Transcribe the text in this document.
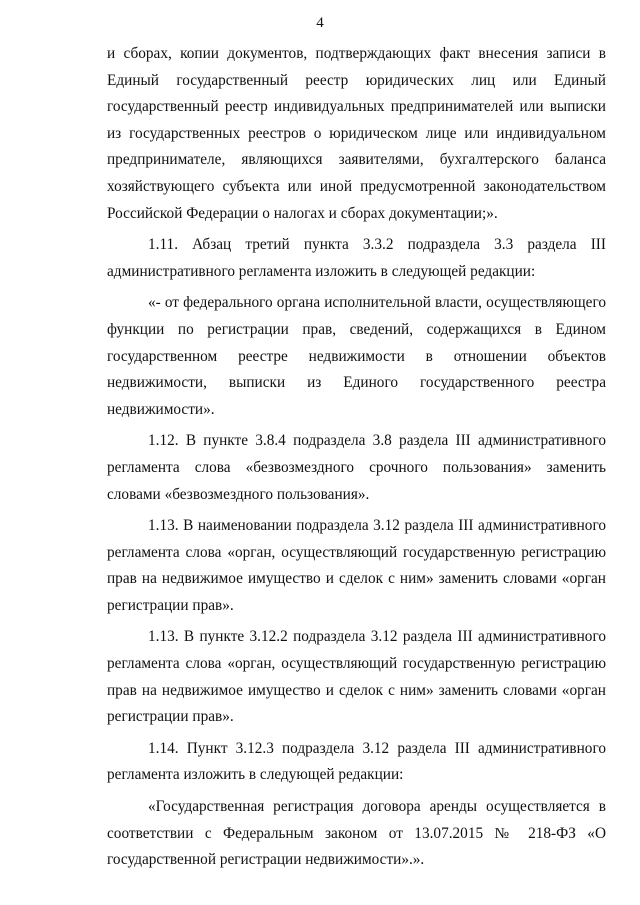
4

и сборах, копии документов, подтверждающих факт внесения записи в Единый государственный реестр юридических лиц или Единый государственный реестр индивидуальных предпринимателей или выписки из государственных реестров о юридическом лице или индивидуальном предпринимателе, являющихся заявителями, бухгалтерского баланса хозяйствующего субъекта или иной предусмотренной законодательством Российской Федерации о налогах и сборах документации;».

1.11. Абзац третий пункта 3.3.2 подраздела 3.3 раздела III административного регламента изложить в следующей редакции:

«- от федерального органа исполнительной власти, осуществляющего функции по регистрации прав, сведений, содержащихся в Едином государственном реестре недвижимости в отношении объектов недвижимости, выписки из Единого государственного реестра недвижимости».

1.12. В пункте 3.8.4 подраздела 3.8 раздела III административного регламента слова «безвозмездного срочного пользования» заменить словами «безвозмездного пользования».

1.13. В наименовании подраздела 3.12 раздела III административного регламента слова «орган, осуществляющий государственную регистрацию прав на недвижимое имущество и сделок с ним» заменить словами «орган регистрации прав».

1.13. В пункте 3.12.2 подраздела 3.12 раздела III административного регламента слова «орган, осуществляющий государственную регистрацию прав на недвижимое имущество и сделок с ним» заменить словами «орган регистрации прав».

1.14. Пункт 3.12.3 подраздела 3.12 раздела III административного регламента изложить в следующей редакции:

«Государственная регистрация договора аренды осуществляется в соответствии с Федеральным законом от 13.07.2015 № 218-ФЗ «О государственной регистрации недвижимости».».
